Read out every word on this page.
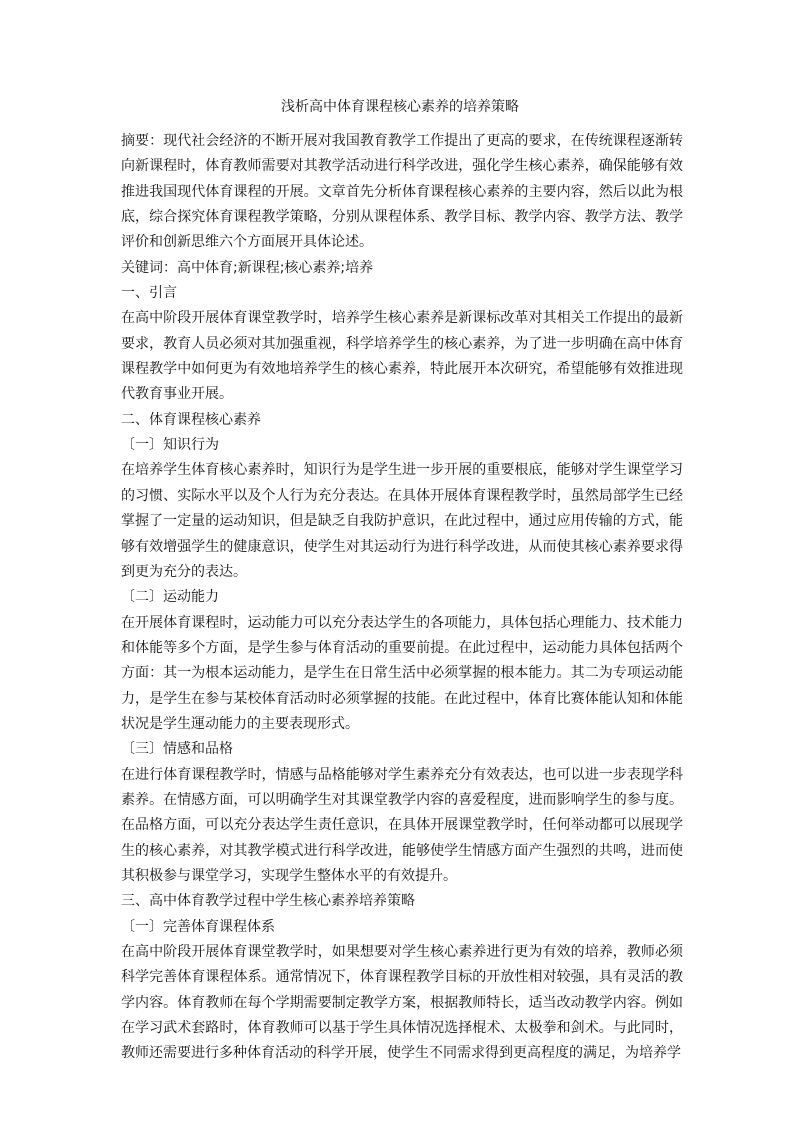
浅析高中体育课程核心素养的培养策略

摘要：现代社会经济的不断开展对我国教育教学工作提出了更高的要求，在传统课程逐渐转向新课程时，体育教师需要对其教学活动进行科学改进，强化学生核心素养，确保能够有效推进我国现代体育课程的开展。文章首先分析体育课程核心素养的主要内容，然后以此为根底，综合探究体育课程教学策略，分别从课程体系、教学目标、教学内容、教学方法、教学评价和创新思维六个方面展开具体论述。

关键词：高中体育;新课程;核心素养;培养

一、引言

在高中阶段开展体育课堂教学时，培养学生核心素养是新课标改革对其相关工作提出的最新要求，教育人员必须对其加强重视，科学培养学生的核心素养，为了进一步明确在高中体育课程教学中如何更为有效地培养学生的核心素养，特此展开本次研究，希望能够有效推进现代教育事业开展。

二、体育课程核心素养

〔一〕知识行为

在培养学生体育核心素养时，知识行为是学生进一步开展的重要根底，能够对学生课堂学习的习惯、实际水平以及个人行为充分表达。在具体开展体育课程教学时，虽然局部学生已经掌握了一定量的运动知识，但是缺乏自我防护意识，在此过程中，通过应用传输的方式，能够有效增强学生的健康意识，使学生对其运动行为进行科学改进，从而使其核心素养要求得到更为充分的表达。

〔二〕运动能力

在开展体育课程时，运动能力可以充分表达学生的各项能力，具体包括心理能力、技术能力和体能等多个方面，是学生参与体育活动的重要前提。在此过程中，运动能力具体包括两个方面：其一为根本运动能力，是学生在日常生活中必须掌握的根本能力。其二为专项运动能力，是学生在参与某校体育活动时必须掌握的技能。在此过程中，体育比赛体能认知和体能状况是学生運动能力的主要表现形式。

〔三〕情感和品格

在进行体育课程教学时，情感与品格能够对学生素养充分有效表达，也可以进一步表现学科素养。在情感方面，可以明确学生对其课堂教学内容的喜爱程度，进而影响学生的参与度。在品格方面，可以充分表达学生责任意识，在具体开展课堂教学时，任何举动都可以展现学生的核心素养，对其教学模式进行科学改进，能够使学生情感方面产生强烈的共鸣，进而使其积极参与课堂学习，实现学生整体水平的有效提升。

三、高中体育教学过程中学生核心素养培养策略

〔一〕完善体育课程体系

在高中阶段开展体育课堂教学时，如果想要对学生核心素养进行更为有效的培养，教师必须科学完善体育课程体系。通常情况下，体育课程教学目标的开放性相对较强，具有灵活的教学内容。体育教师在每个学期需要制定教学方案，根据教师特长，适当改动教学内容。例如在学习武术套路时，体育教师可以基于学生具体情况选择棍术、太极拳和剑术。与此同时，教师还需要进行多种体育活动的科学开展，使学生不同需求得到更高程度的满足，为培养学
